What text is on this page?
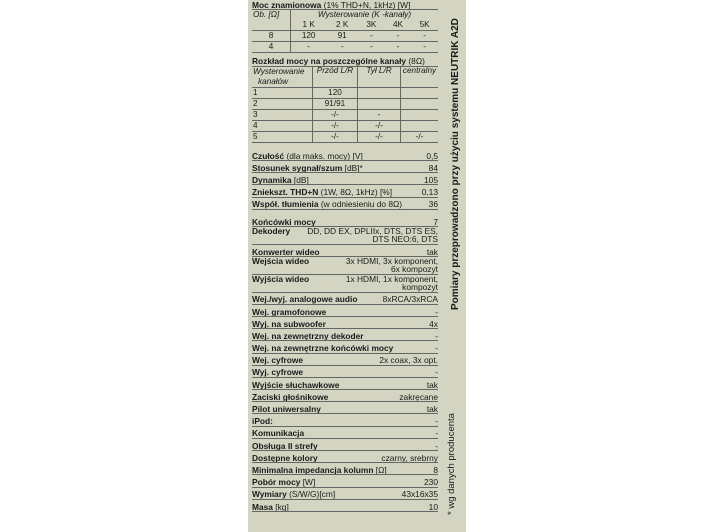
Moc znamionowa (1% THD+N, 1kHz) [W]
Ob. [Ω]	Wysterowanie (K -kanały)				
	1 K	2 K	3K	4K	5K
8	120	91	-	-	-
4	-	-	-	-	-
Rozkład mocy na poszczególne kanały (8Ω)
Wysterowanie	Przód L/R	Tył L/R	centralny
kanałów			
1	120		
2	91/91		
3	-/-	-	
4	-/-	-/-	
5	-/-	-/-	-/-
Czułość (dla maks. mocy) [V]	0,5
Stosunek sygnał/szum [dB]*	84
Dynamika [dB]	105
Zniekszt. THD+N (1W, 8Ω, 1kHz) [%]	0,13
Współ. tłumienia (w odniesieniu do 8Ω)	36
Końcówki mocy	7
Dekodery DD, DD EX, DPLIIx, DTS, DTS ES,
DTS NEO:6, DTS
Konwerter wideo	tak
Wejścia wideo	3x HDMI, 3x komponent,
6x kompozyt
Wyjścia wideo	1x HDMI, 1x komponent,
kompozyt
Wej./wyj. analogowe audio	8xRCA/3xRCA
Wej. gramofonowe	-
Wyj. na subwoofer	4x
Wej. na zewnętrzny dekoder	-
Wej. na zewnętrzne końcówki mocy	-
Wej. cyfrowe	2x coax, 3x opt.
Wyj. cyfrowe	-
Wyjście słuchawkowe	tak
Zaciski głośnikowe	zakręcane
Pilot uniwersalny	tak
iPod:	-
Komunikacja	-
Obsługa II strefy	-
Dostępne kolory	czarny, srebrny
Minimalna impedancja kolumn [Ω]	8
Pobór mocy [W]	230
Wymiary (S/W/G)[cm]	43x16x35
Masa [kg]	10
Pomiary przeprowadzono przy użyciu systemu NEUTRIK A2D
* wg danych producenta
